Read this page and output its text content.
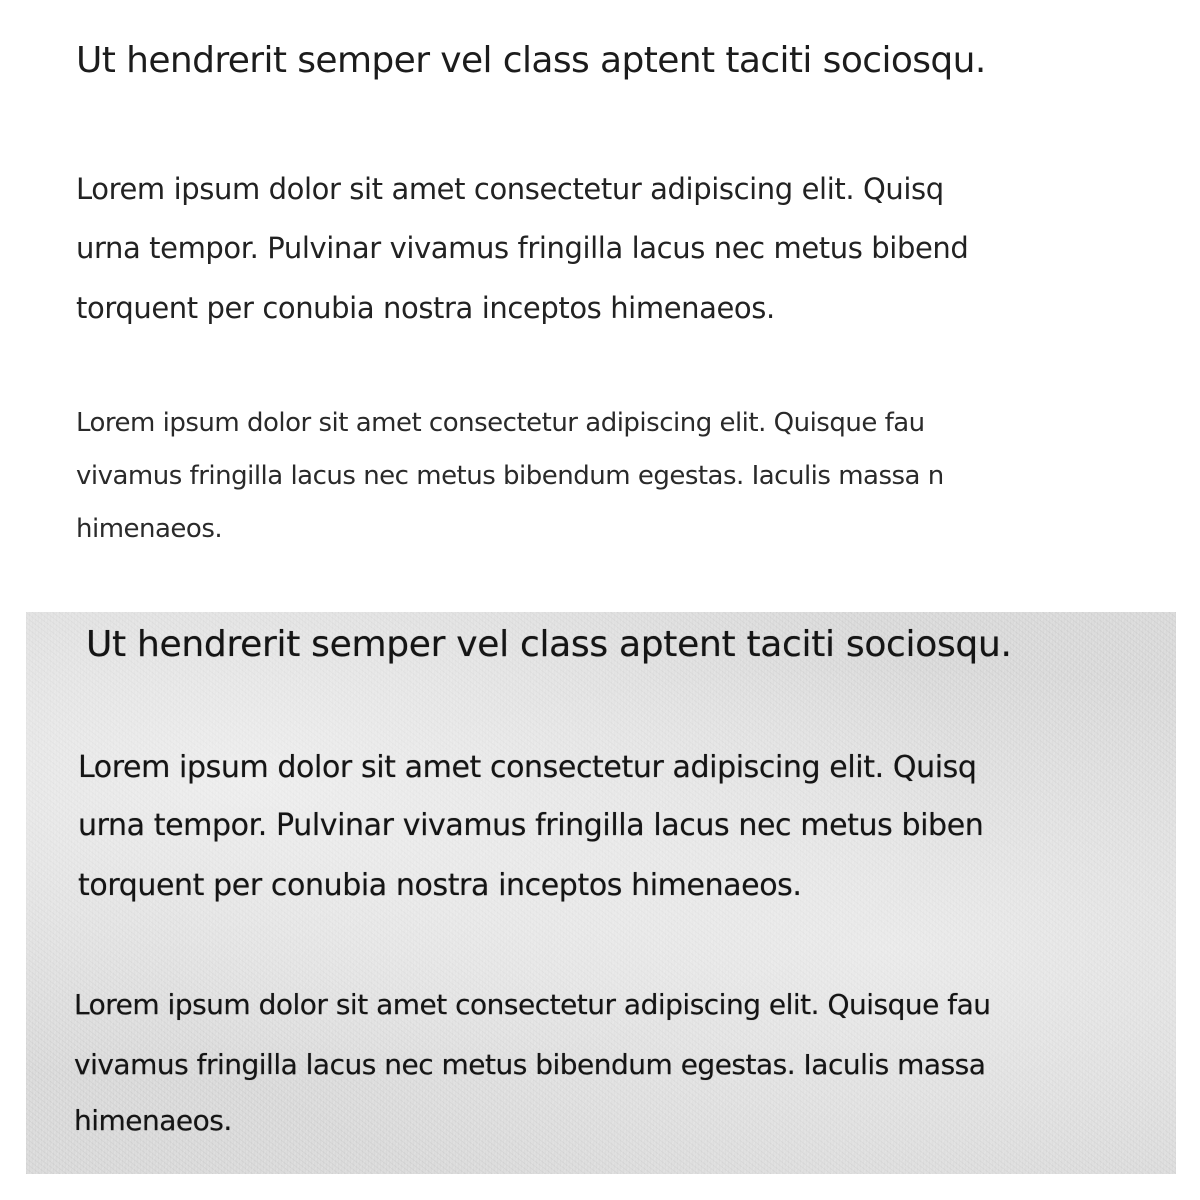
Ut hendrerit semper vel class aptent taciti sociosqu.
Lorem ipsum dolor sit amet consectetur adipiscing elit. Quisq
urna tempor. Pulvinar vivamus fringilla lacus nec metus bibend
torquent per conubia nostra inceptos himenaeos.
Lorem ipsum dolor sit amet consectetur adipiscing elit. Quisque fau
vivamus fringilla lacus nec metus bibendum egestas. Iaculis massa n
himenaeos.
Ut hendrerit semper vel class aptent taciti sociosqu.
Lorem ipsum dolor sit amet consectetur adipiscing elit. Quisq
urna tempor. Pulvinar vivamus fringilla lacus nec metus biben
torquent per conubia nostra inceptos himenaeos.
Lorem ipsum dolor sit amet consectetur adipiscing elit. Quisque fau
vivamus fringilla lacus nec metus bibendum egestas. Iaculis massa
himenaeos.
